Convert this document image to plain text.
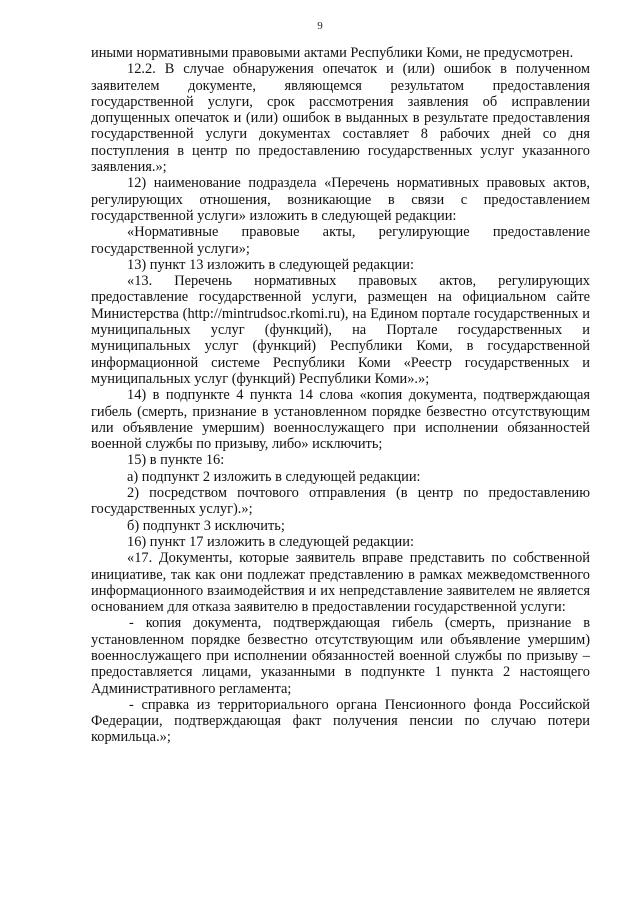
9

иными нормативными правовыми актами Республики Коми, не предусмотрен.

12.2. В случае обнаружения опечаток и (или) ошибок в полученном заявителем документе, являющемся результатом предоставления государственной услуги, срок рассмотрения заявления об исправлении допущенных опечаток и (или) ошибок в выданных в результате предоставления государственной услуги документах составляет 8 рабочих дней со дня поступления в центр по предоставлению государственных услуг указанного заявления.»;

12) наименование подраздела «Перечень нормативных правовых актов, регулирующих отношения, возникающие в связи с предоставлением государственной услуги» изложить в следующей редакции:

«Нормативные правовые акты, регулирующие предоставление государственной услуги»;

13) пункт 13 изложить в следующей редакции:

«13. Перечень нормативных правовых актов, регулирующих предоставление государственной услуги, размещен на официальном сайте Министерства (http://mintrudsoc.rkomi.ru), на Едином портале государственных и муниципальных услуг (функций), на Портале государственных и муниципальных услуг (функций) Республики Коми, в государственной информационной системе Республики Коми «Реестр государственных и муниципальных услуг (функций) Республики Коми».»;

14) в подпункте 4 пункта 14 слова «копия документа, подтверждающая гибель (смерть, признание в установленном порядке безвестно отсутствующим или объявление умершим) военнослужащего при исполнении обязанностей военной службы по призыву, либо» исключить;

15) в пункте 16:

а) подпункт 2 изложить в следующей редакции:

2) посредством почтового отправления (в центр по предоставлению государственных услуг).»;

б) подпункт 3 исключить;

16) пункт 17 изложить в следующей редакции:

«17. Документы, которые заявитель вправе представить по собственной инициативе, так как они подлежат представлению в рамках межведомственного информационного взаимодействия и их непредставление заявителем не является основанием для отказа заявителю в предоставлении государственной услуги:

- копия документа, подтверждающая гибель (смерть, признание в установленном порядке безвестно отсутствующим или объявление умершим) военнослужащего при исполнении обязанностей военной службы по призыву – предоставляется лицами, указанными в подпункте 1 пункта 2 настоящего Административного регламента;

- справка из территориального органа Пенсионного фонда Российской Федерации, подтверждающая факт получения пенсии по случаю потери кормильца.»;
